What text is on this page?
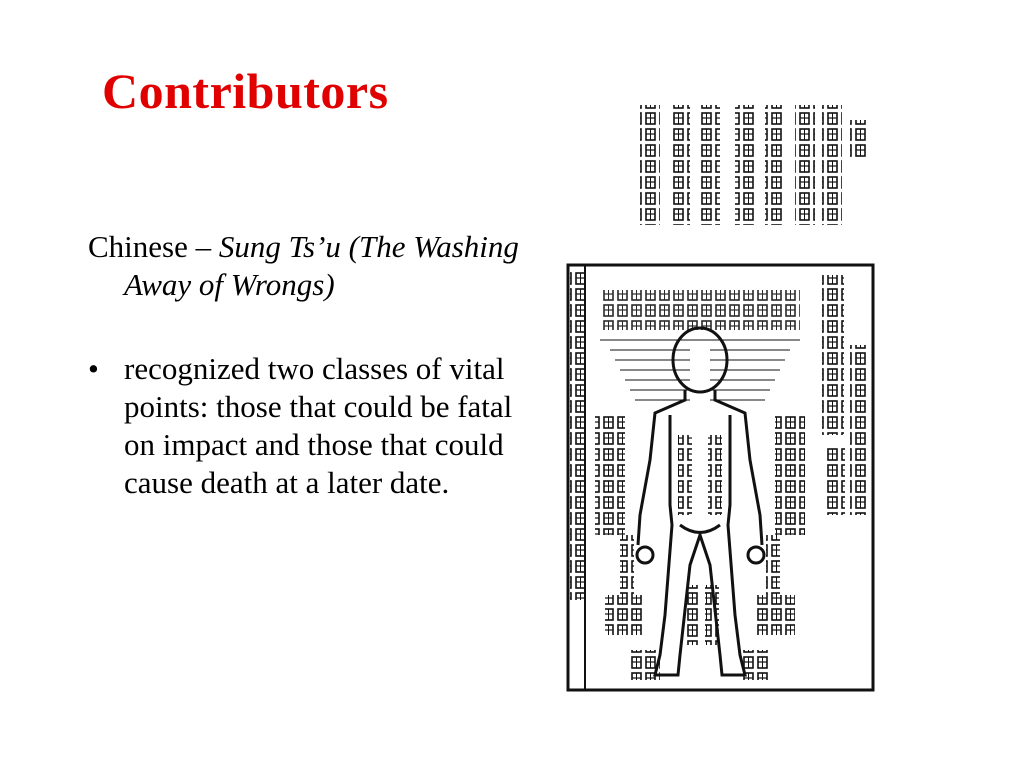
Contributors

Chinese – Sung Ts’u (The Washing Away of Wrongs)

• recognized two classes of vital points: those that could be fatal on impact and those that could cause death at a later date.
